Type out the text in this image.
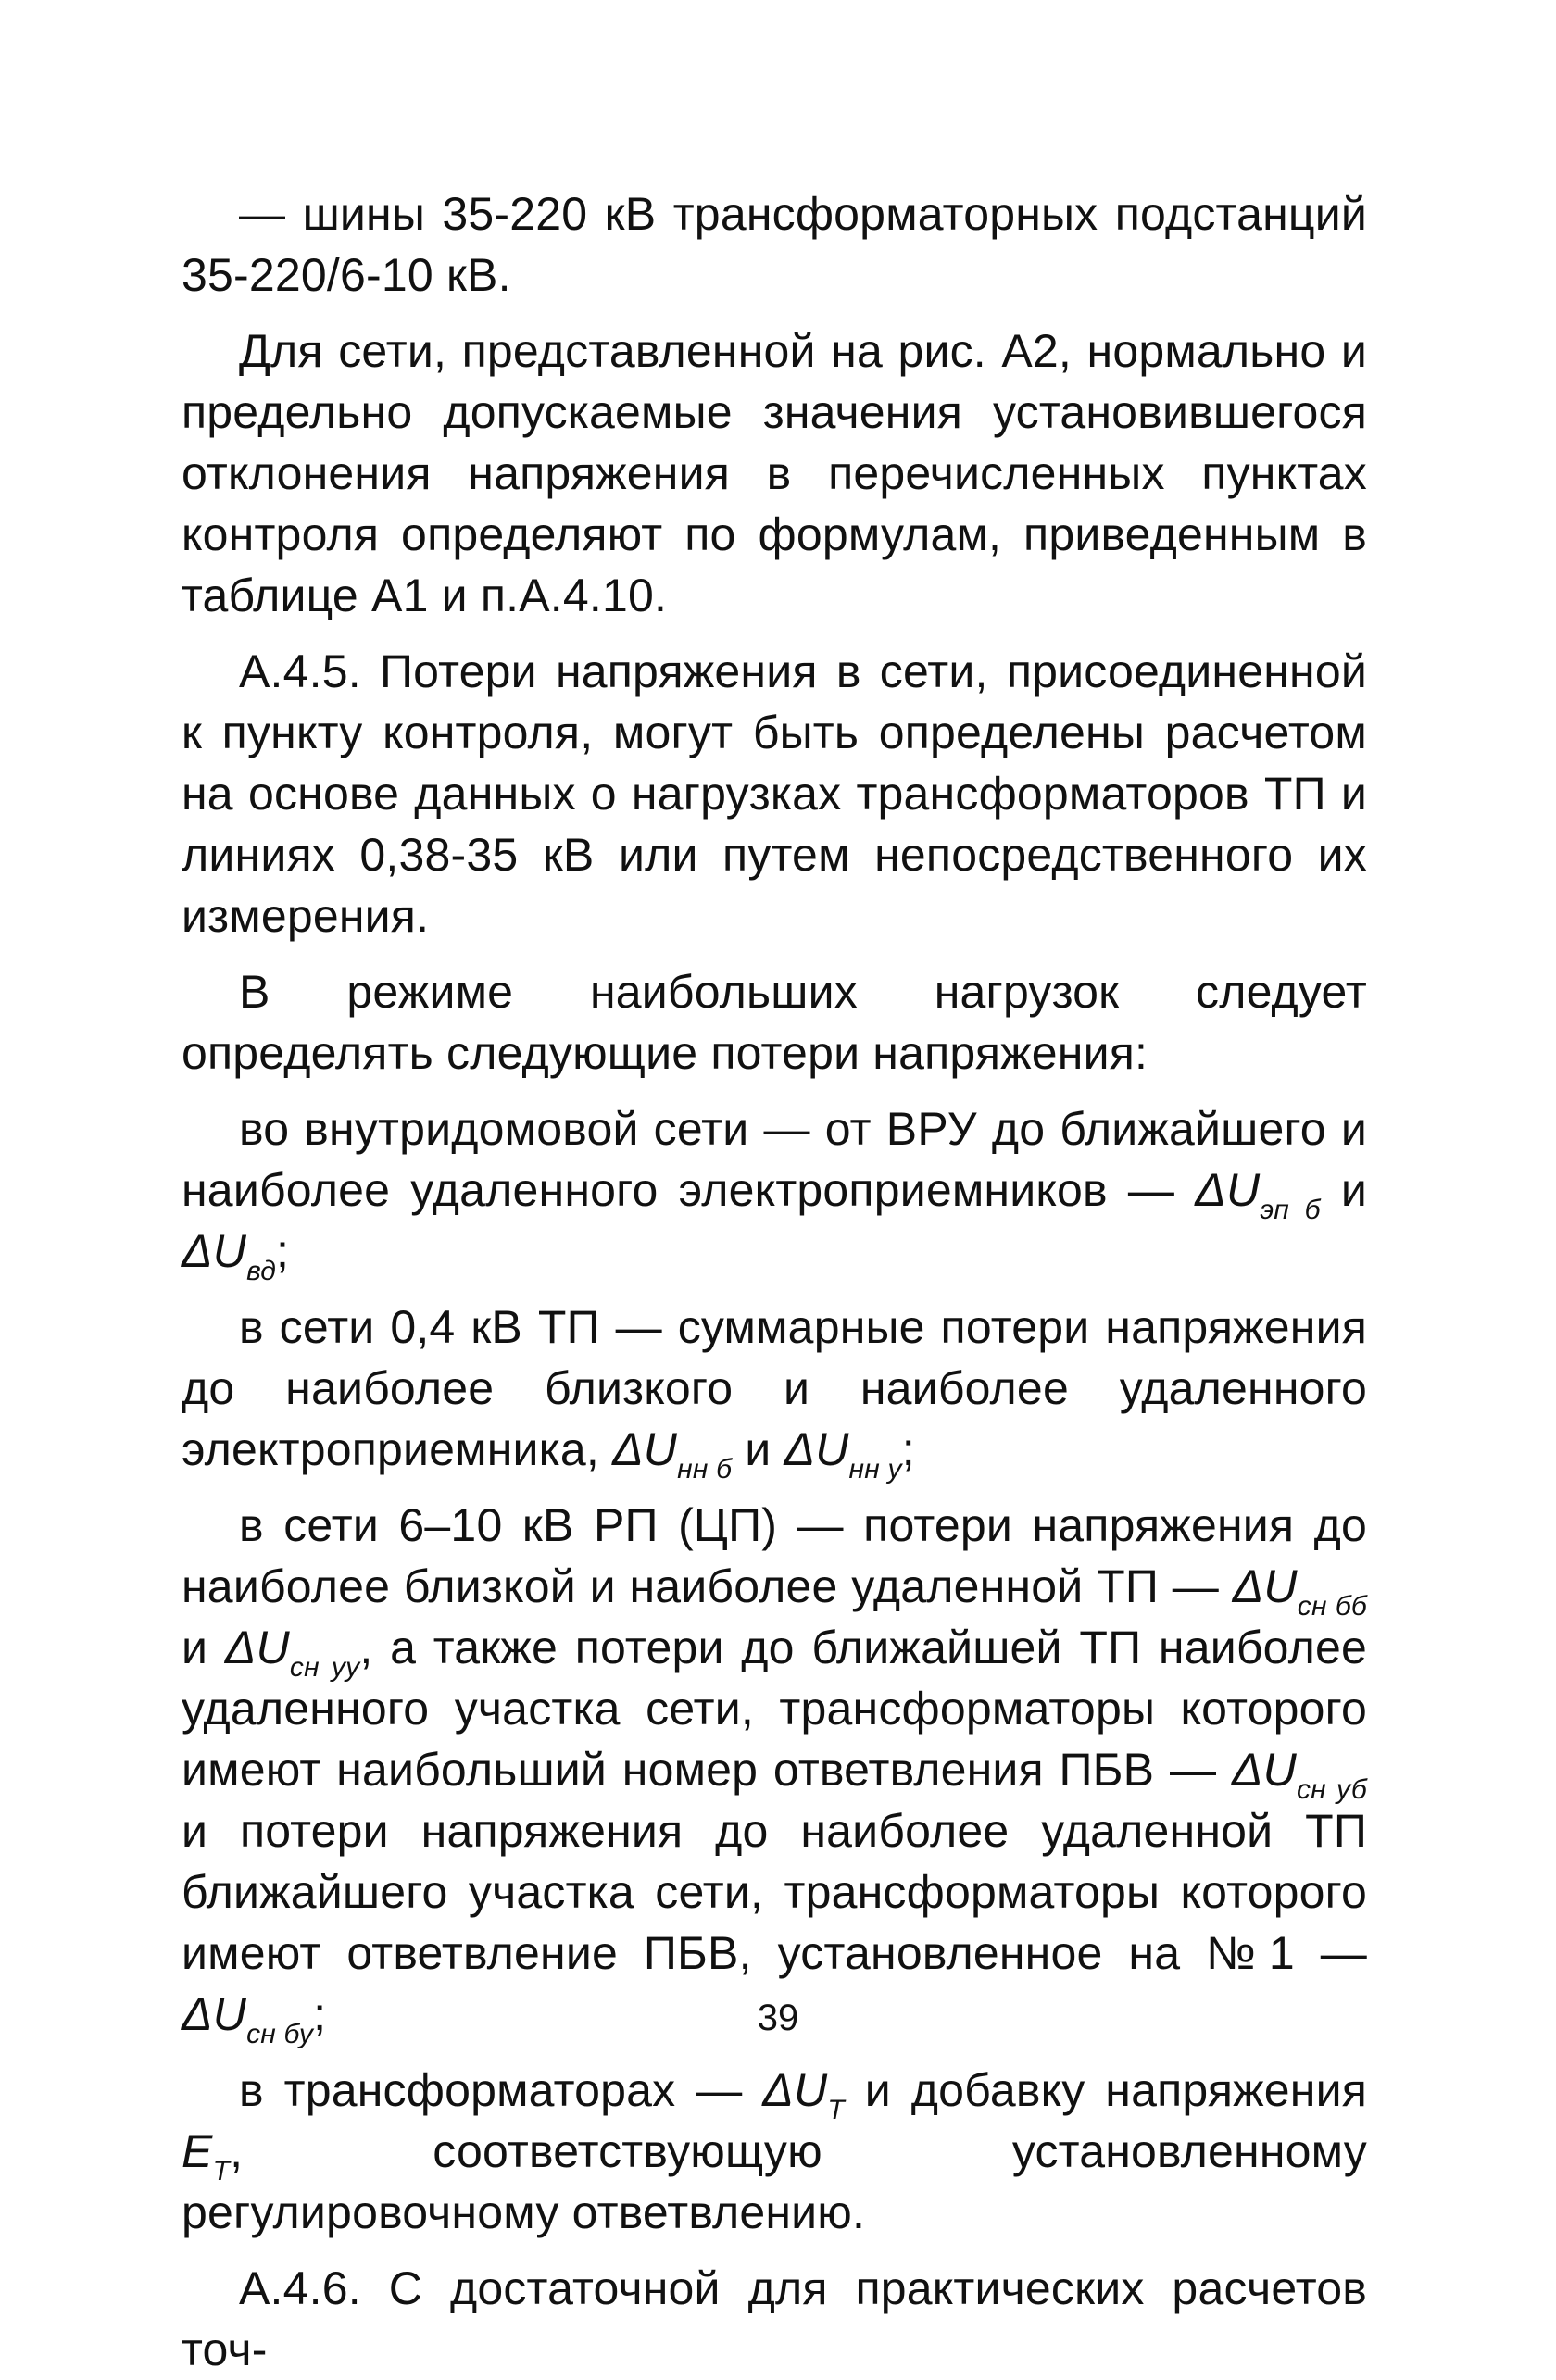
— шины 35-220 кВ трансформаторных подстанций 35-220/6-10 кВ.

Для сети, представленной на рис. А2, нормально и предельно допускаемые значения установившегося отклонения напряжения в перечисленных пунктах контроля определяют по формулам, приведенным в таблице А1 и п.А.4.10.

А.4.5. Потери напряжения в сети, присоединенной к пункту контроля, могут быть определены расчетом на основе данных о нагрузках трансформаторов ТП и линиях 0,38-35 кВ или путем непосредственного их измерения.

В режиме наибольших нагрузок следует определять следующие потери напряжения:

во внутридомовой сети — от ВРУ до ближайшего и наиболее удаленного электроприемников — $\Delta U_{эп б}$ и $\Delta U_{вд}$;

в сети 0,4 кВ ТП — суммарные потери напряжения до наиболее близкого и наиболее удаленного электроприемника, $\Delta U_{нн б}$ и $\Delta U_{нн у}$;

в сети 6–10 кВ РП (ЦП) — потери напряжения до наиболее близкой и наиболее удаленной ТП — $\Delta U_{сн бб}$ и $\Delta U_{сн уу}$, а также потери до ближайшей ТП наиболее удаленного участка сети, трансформаторы которого имеют наибольший номер ответвления ПБВ — $\Delta U_{сн уб}$ и потери напряжения до наиболее удаленной ТП ближайшего участка сети, трансформаторы которого имеют ответвление ПБВ, установленное на №1 — $\Delta U_{сн бу}$;

в трансформаторах — $\Delta U_Т$ и добавку напряжения $E_Т$, соответствующую установленному регулировочному ответвлению.

А.4.6. С достаточной для практических расчетов точ-

39
